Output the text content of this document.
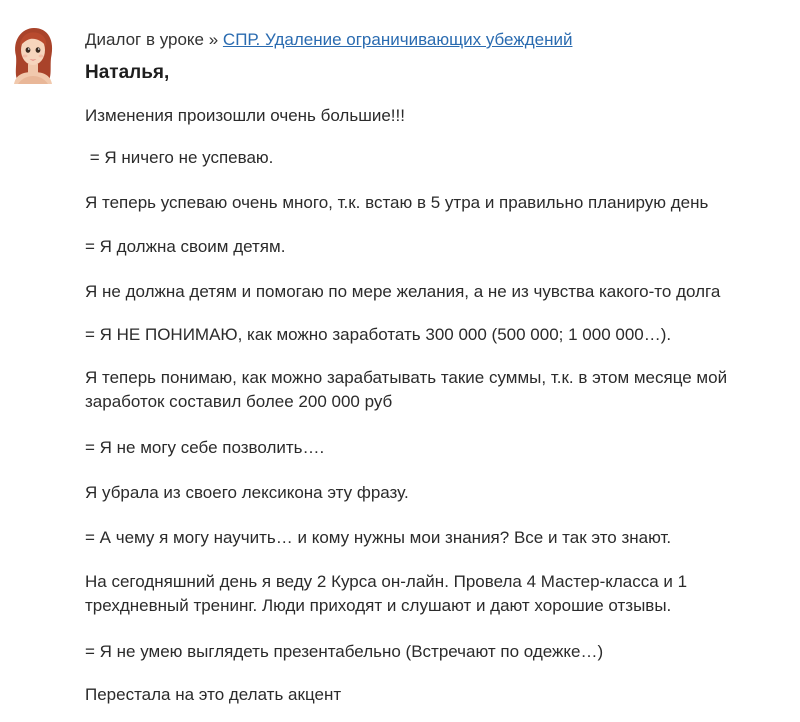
Диалог в уроке » СПР. Удаление ограничивающих убеждений
Наталья,

Изменения произошли очень большие!!!

= Я ничего не успеваю.

Я теперь успеваю очень много, т.к. встаю в 5 утра и правильно планирую день

= Я должна своим детям.

Я не должна детям и помогаю по мере желания, а не из чувства какого-то долга

= Я НЕ ПОНИМАЮ, как можно заработать 300 000 (500 000; 1 000 000…).

Я теперь понимаю, как можно зарабатывать такие суммы, т.к. в этом месяце мой заработок составил более 200 000 руб

= Я не могу себе позволить….

Я убрала из своего лексикона эту фразу.

= А чему я могу научить… и кому нужны мои знания? Все и так это знают.

На сегодняшний день я веду 2 Курса он-лайн. Провела 4 Мастер-класса и 1 трехдневный тренинг. Люди приходят и слушают и дают хорошие отзывы.

= Я не умею выглядеть презентабельно (Встречают по одежке…)

Перестала на это делать акцент
